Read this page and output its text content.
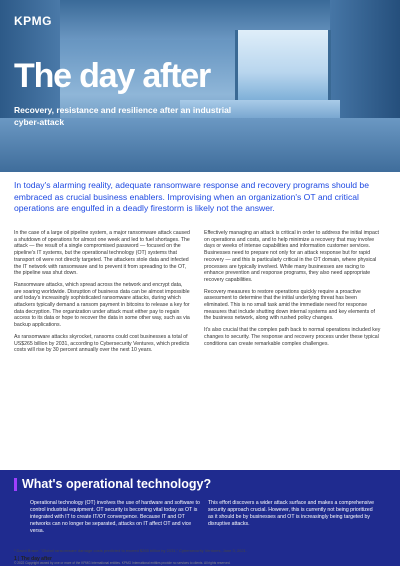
KPMG
The day after
Recovery, resistance and resilience after an industrial cyber-attack
In today's alarming reality, adequate ransomware response and recovery programs should be embraced as crucial business enablers. Improvising when an organization's OT and critical operations are engulfed in a deadly firestorm is likely not the answer.

In the case of a large oil pipeline system, a major ransomware attack caused a shutdown of operations for almost one week and led to fuel shortages. The attack — the result of a single compromised password — focused on the pipeline's IT systems, but the operational technology (OT) systems that transport oil were not directly targeted. The attackers stole data and infected the IT network with ransomware and to prevent it from spreading to the OT, the pipeline was shut down.

Ransomware attacks, which spread across the network and encrypt data, are soaring worldwide. Disruption of business data can be almost impossible and today's increasingly sophisticated ransomware attacks, during which attackers typically demand a ransom payment in bitcoins to release a key for data decryption. The organization under attack must either pay to regain access to its data or hope to recover the data in some other way, such as via backup applications.

As ransomware attacks skyrocket, ransoms could cost businesses a total of US$265 billion by 2031, according to Cybersecurity Ventures, which predicts costs will rise by 30 percent annually over the next 10 years.

Effectively managing an attack is critical in order to address the initial impact on operations and costs, and to help minimize a recovery that may involve days or weeks of intense capabilities and information customer services. Businesses need to prepare not only for an attack response but for rapid recovery — and this is particularly critical in the OT domain, where physical processes are typically involved. While many businesses are racing to enhance prevention and response programs, they also need appropriate recovery capabilities.

Recovery measures to restore operations quickly require a proactive assessment to determine that the initial underlying threat has been eliminated. This is no small task amid the immediate need for response measures that include shutting down internal systems and key elements of the business network, along with rushed policy changes.

It's also crucial that the complex path back to normal operations included key changes to security. The response and recovery process under these typical conditions can create remarkable complex challenges.

What's operational technology?
Operational technology (OT) involves the use of hardware and software to control industrial equipment. OT security is becoming vital today as OT is integrated with IT to create IT/OT convergence. Because IT and OT networks can no longer be separated, attacks on IT affect OT and vice versa.
This effort discovers a wider attack surface and makes a comprehensive security approach crucial. However, this is currently not being prioritized as it should be by businesses and OT is increasingly being targeted by disruptive attacks.
¹ David Braue, "Global ransomware damage costs predicted to exceed $265 billion by 2031," Cybersecurity Ventures, June 3, 2021.
1 | The day after
© 2022 Copyright owned by one or more of the KPMG International entities. KPMG International entities provide no services to clients. All rights reserved.
